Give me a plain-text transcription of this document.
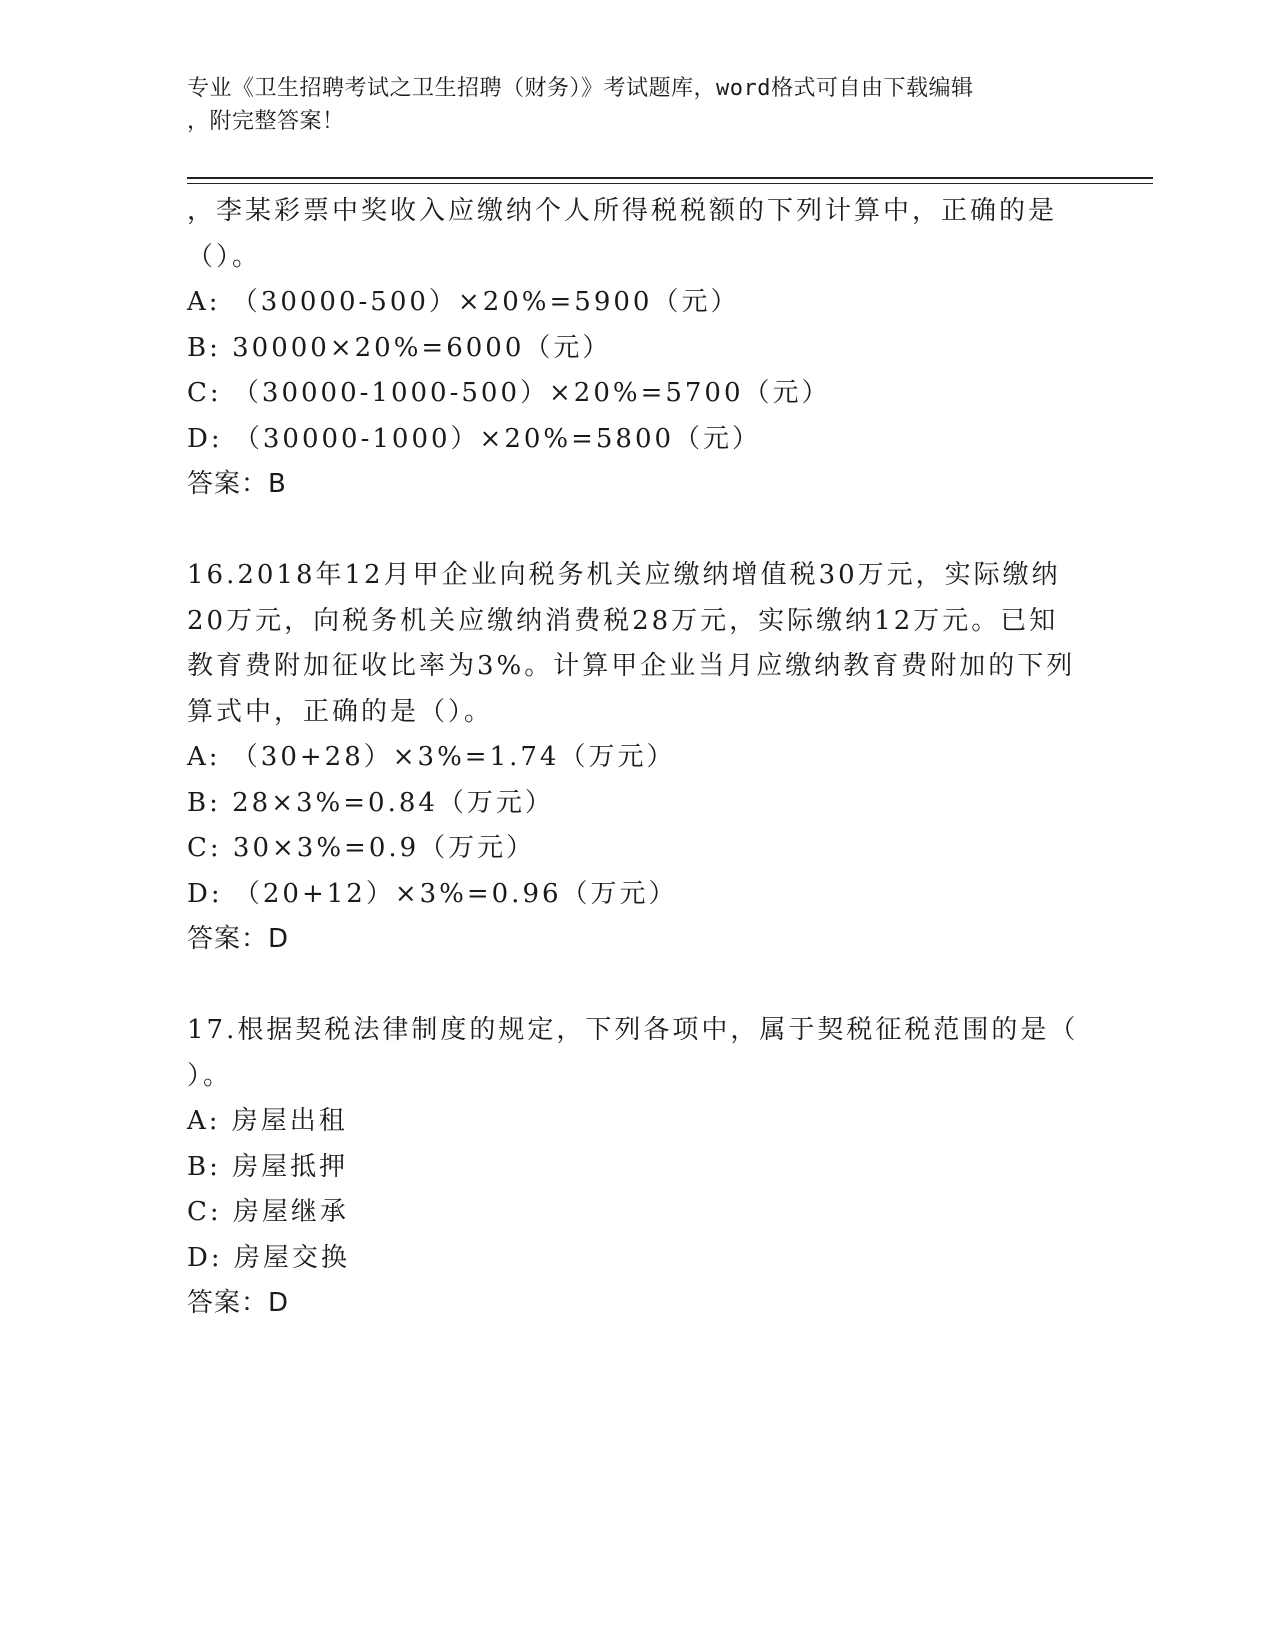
专业《卫生招聘考试之卫生招聘（财务）》考试题库，word格式可自由下载编辑
，附完整答案！
，李某彩票中奖收入应缴纳个人所得税税额的下列计算中，正确的是
（）。
A: （30000-500）×20%=5900（元）
B: 30000×20%=6000（元）
C: （30000-1000-500）×20%=5700（元）
D: （30000-1000）×20%=5800（元）
答案：B
16.2018年12月甲企业向税务机关应缴纳增值税30万元，实际缴纳
20万元，向税务机关应缴纳消费税28万元，实际缴纳12万元。已知
教育费附加征收比率为3%。计算甲企业当月应缴纳教育费附加的下列
算式中，正确的是（）。
A: （30+28）×3%=1.74（万元）
B: 28×3%=0.84（万元）
C: 30×3%=0.9（万元）
D: （20+12）×3%=0.96（万元）
答案：D
17.根据契税法律制度的规定，下列各项中，属于契税征税范围的是（
）。
A: 房屋出租
B: 房屋抵押
C: 房屋继承
D: 房屋交换
答案：D
